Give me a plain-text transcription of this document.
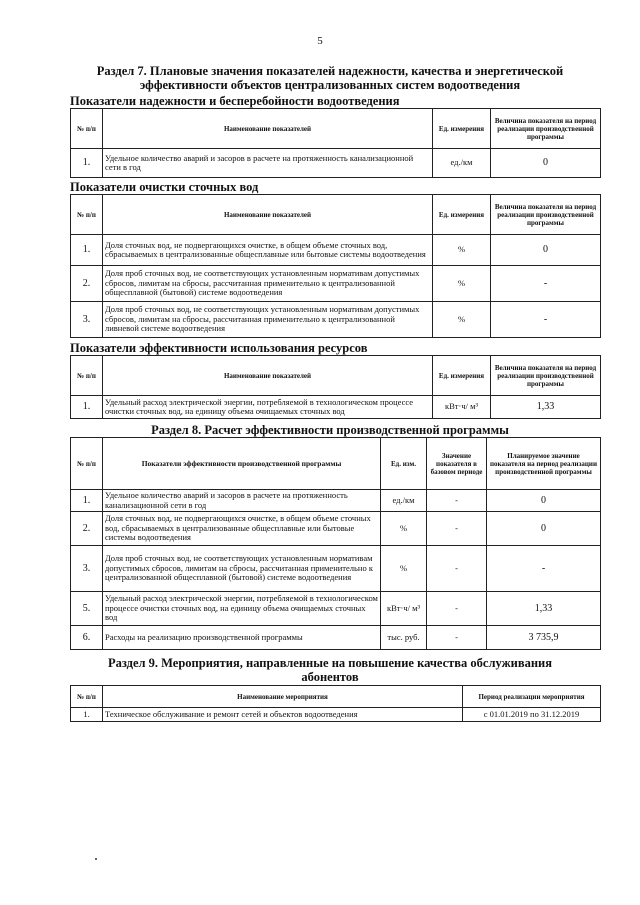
5
Раздел 7. Плановые значения показателей надежности, качества и энергетической
эффективности объектов централизованных систем водоотведения
Показатели надежности и бесперебойности водоотведения
№ п/п	Наименование показателей	Ед. измерения	Величина показателя на период реализации производственной программы
1.	Удельное количество аварий и засоров в расчете на протяженность канализационной сети в год	ед./км	0
Показатели очистки сточных вод
№ п/п	Наименование показателей	Ед. измерения	Величина показателя на период реализации производственной программы
1.	Доля сточных вод, не подвергающихся очистке, в общем объеме сточных вод, сбрасываемых в централизованные общесплавные или бытовые системы водоотведения	%	0
2.	Доля проб сточных вод, не соответствующих установленным нормативам допустимых сбросов, лимитам на сбросы, рассчитанная применительно к централизованной общесплавной (бытовой) системе водоотведения	%	-
3.	Доля проб сточных вод, не соответствующих установленным нормативам допустимых сбросов, лимитам на сбросы, рассчитанная применительно к централизованной ливневой системе водоотведения	%	-
Показатели эффективности использования ресурсов
№ п/п	Наименование показателей	Ед. измерения	Величина показателя на период реализации производственной программы
1.	Удельный расход электрической энергии, потребляемой в технологическом процессе очистки сточных вод, на единицу объема очищаемых сточных вод	кВт·ч/ м³	1,33
Раздел 8. Расчет эффективности производственной программы
№ п/п	Показатели эффективности производственной программы	Ед. изм.	Значение показателя в базовом периоде	Планируемое значение показателя на период реализации производственной программы
1.	Удельное количество аварий и засоров в расчете на протяженность канализационной сети в год	ед./км	-	0
2.	Доля сточных вод, не подвергающихся очистке, в общем объеме сточных вод, сбрасываемых в централизованные общесплавные или бытовые системы водоотведения	%	-	0
3.	Доля проб сточных вод, не соответствующих установленным нормативам допустимых сбросов, лимитам на сбросы, рассчитанная применительно к централизованной общесплавной (бытовой) системе водоотведения	%	-	-
5.	Удельный расход электрической энергии, потребляемой в технологическом процессе очистки сточных вод, на единицу объема очищаемых сточных вод	кВт·ч/ м³	-	1,33
6.	Расходы на реализацию производственной программы	тыс. руб.	-	3 735,9
Раздел 9. Мероприятия, направленные на повышение качества обслуживания
абонентов
№ п/п	Наименование мероприятия	Период реализации мероприятия
1.	Техническое обслуживание и ремонт сетей и объектов водоотведения	с 01.01.2019 по 31.12.2019
